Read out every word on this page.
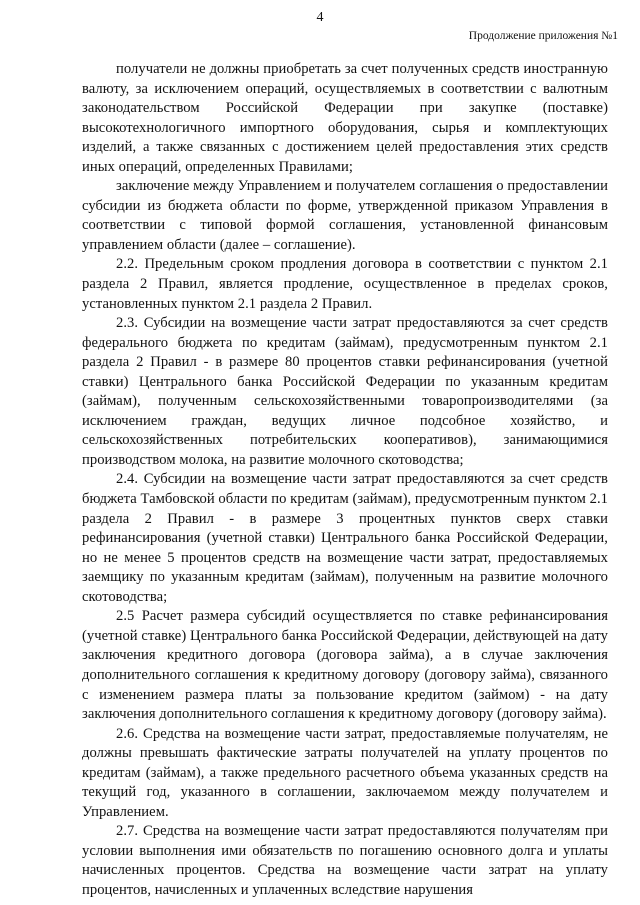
4
Продолжение приложения №1

получатели не должны приобретать за счет полученных средств иностранную валюту, за исключением операций, осуществляемых в соответствии с валютным законодательством Российской Федерации при закупке (поставке) высокотехнологичного импортного оборудования, сырья и комплектующих изделий, а также связанных с достижением целей предоставления этих средств иных операций, определенных Правилами;

заключение между Управлением и получателем соглашения о предоставлении субсидии из бюджета области по форме, утвержденной приказом Управления в соответствии с типовой формой соглашения, установленной финансовым управлением области (далее – соглашение).

2.2. Предельным сроком продления договора в соответствии с пунктом 2.1 раздела 2 Правил, является продление, осуществленное в пределах сроков, установленных пунктом 2.1 раздела 2 Правил.

2.3. Субсидии на возмещение части затрат предоставляются за счет средств федерального бюджета по кредитам (займам), предусмотренным пунктом 2.1 раздела 2 Правил - в размере 80 процентов ставки рефинансирования (учетной ставки) Центрального банка Российской Федерации по указанным кредитам (займам), полученным сельскохозяйственными товаропроизводителями (за исключением граждан, ведущих личное подсобное хозяйство, и сельскохозяйственных потребительских кооперативов), занимающимися производством молока, на развитие молочного скотоводства;

2.4. Субсидии на возмещение части затрат предоставляются за счет средств бюджета Тамбовской области по кредитам (займам), предусмотренным пунктом 2.1 раздела 2 Правил - в размере 3 процентных пунктов сверх ставки рефинансирования (учетной ставки) Центрального банка Российской Федерации, но не менее 5 процентов средств на возмещение части затрат, предоставляемых заемщику по указанным кредитам (займам), полученным на развитие молочного скотоводства;

2.5 Расчет размера субсидий осуществляется по ставке рефинансирования (учетной ставке) Центрального банка Российской Федерации, действующей на дату заключения кредитного договора (договора займа), а в случае заключения дополнительного соглашения к кредитному договору (договору займа), связанного с изменением размера платы за пользование кредитом (займом) - на дату заключения дополнительного соглашения к кредитному договору (договору займа).

2.6. Средства на возмещение части затрат, предоставляемые получателям, не должны превышать фактические затраты получателей на уплату процентов по кредитам (займам), а также предельного расчетного объема указанных средств на текущий год, указанного в соглашении, заключаемом между получателем и Управлением.

2.7. Средства на возмещение части затрат предоставляются получателям при условии выполнения ими обязательств по погашению основного долга и уплаты начисленных процентов. Средства на возмещение части затрат на уплату процентов, начисленных и уплаченных вследствие нарушения
